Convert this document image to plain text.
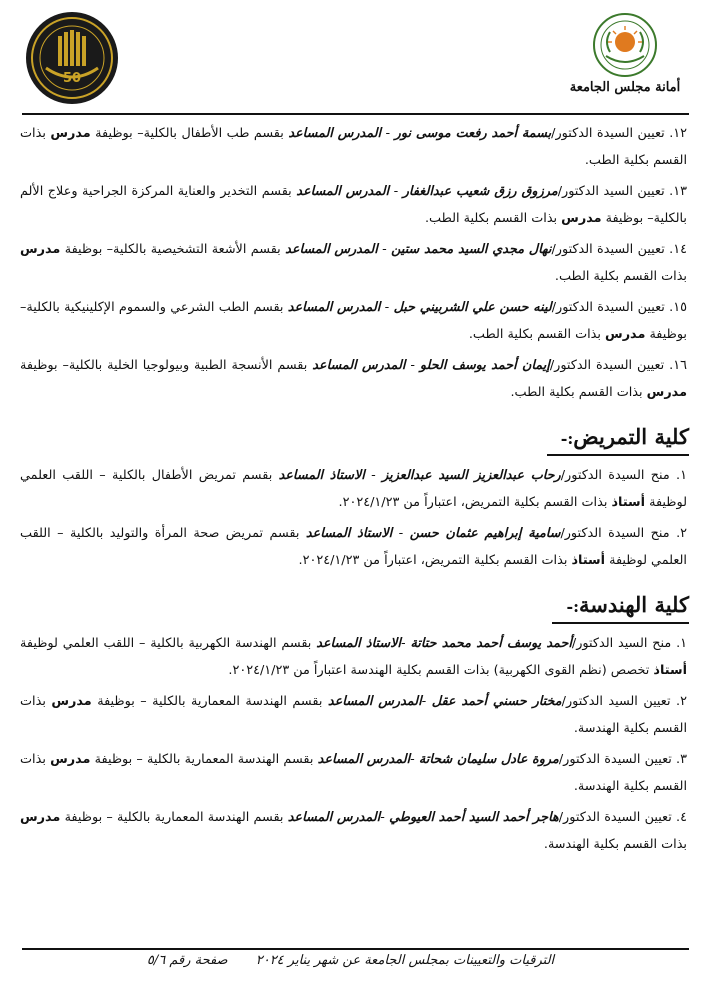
أمانة مجلس الجامعة
50
١٢. تعيين السيدة الدكتور/بسمة أحمد رفعت موسى نور - المدرس المساعد بقسم طب الأطفال بالكلية– بوظيفة مدرس بذات القسم بكلية الطب.
١٣. تعيين السيد الدكتور/مرزوق رزق شعيب عبدالغفار - المدرس المساعد بقسم التخدير والعناية المركزة الجراحية وعلاج الألم بالكلية– بوظيفة مدرس بذات القسم بكلية الطب.
١٤. تعيين السيدة الدكتور/نهال مجدي السيد محمد ستين - المدرس المساعد بقسم الأشعة التشخيصية بالكلية– بوظيفة مدرس بذات القسم بكلية الطب.
١٥. تعيين السيدة الدكتور/لينه حسن علي الشربيني حبل - المدرس المساعد بقسم الطب الشرعي والسموم الإكلينيكية بالكلية– بوظيفة مدرس بذات القسم بكلية الطب.
١٦. تعيين السيدة الدكتور/إيمان أحمد يوسف الحلو - المدرس المساعد بقسم الأنسجة الطبية وبيولوجيا الخلية بالكلية– بوظيفة مدرس بذات القسم بكلية الطب.
كلية التمريض:-
١. منح السيدة الدكتور/رحاب عبدالعزيز السيد عبدالعزيز - الاستاذ المساعد بقسم تمريض الأطفال بالكلية – اللقب العلمي لوظيفة أستاذ بذات القسم بكلية التمريض، اعتباراً من ٢٠٢٤/١/٢٣.
٢. منح السيدة الدكتور/سامية إبراهيم عثمان حسن - الاستاذ المساعد بقسم تمريض صحة المرأة والتوليد بالكلية – اللقب العلمي لوظيفة أستاذ بذات القسم بكلية التمريض، اعتباراً من ٢٠٢٤/١/٢٣.
كلية الهندسة:-
١. منح السيد الدكتور/أحمد يوسف أحمد محمد حتاتة -الاستاذ المساعد بقسم الهندسة الكهربية بالكلية – اللقب العلمي لوظيفة أستاذ تخصص (نظم القوى الكهربية) بذات القسم بكلية الهندسة اعتباراً من ٢٠٢٤/١/٢٣.
٢. تعيين السيد الدكتور/مختار حسني أحمد عقل -المدرس المساعد بقسم الهندسة المعمارية بالكلية – بوظيفة مدرس بذات القسم بكلية الهندسة.
٣. تعيين السيدة الدكتور/مروة عادل سليمان شحاتة -المدرس المساعد بقسم الهندسة المعمارية بالكلية – بوظيفة مدرس بذات القسم بكلية الهندسة.
٤. تعيين السيدة الدكتور/هاجر أحمد السيد أحمد العيوطي -المدرس المساعد بقسم الهندسة المعمارية بالكلية – بوظيفة مدرس بذات القسم بكلية الهندسة.
الترقيات والتعيينات بمجلس الجامعة عن شهر يناير ٢٠٢٤ صفحة رقم ٥/٦
